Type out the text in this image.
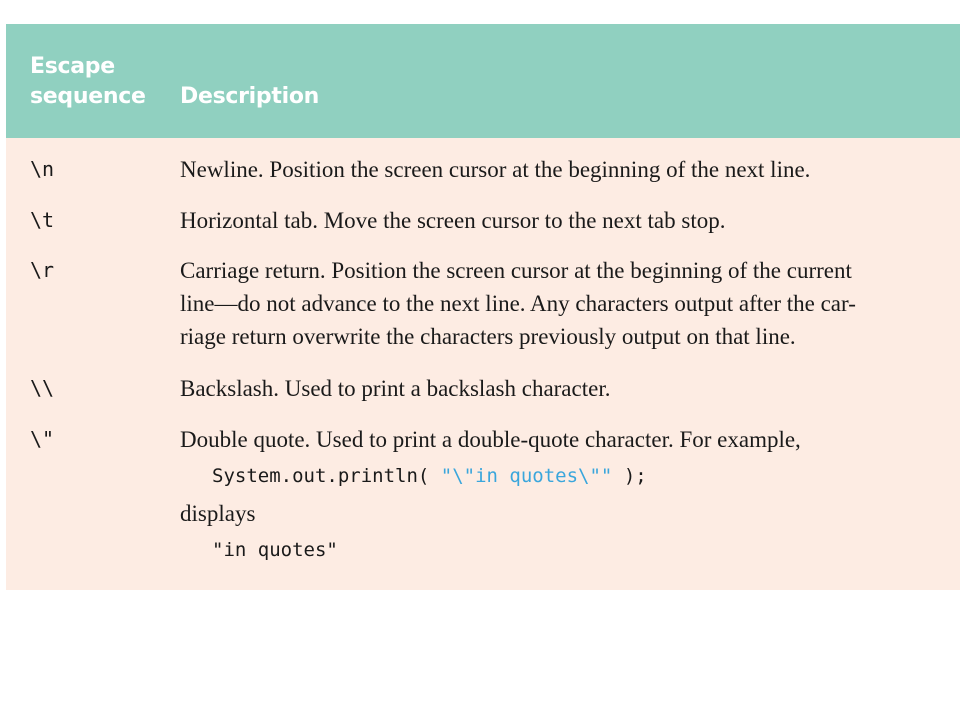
Escape
sequence	Description
\n	Newline. Position the screen cursor at the beginning of the next line.
\t	Horizontal tab. Move the screen cursor to the next tab stop.
\r	Carriage return. Position the screen cursor at the beginning of the current
line—do not advance to the next line. Any characters output after the car-
riage return overwrite the characters previously output on that line.
\\	Backslash. Used to print a backslash character.
\"	Double quote. Used to print a double-quote character. For example,
System.out.println( "\"in quotes\"" );
displays
"in quotes"
